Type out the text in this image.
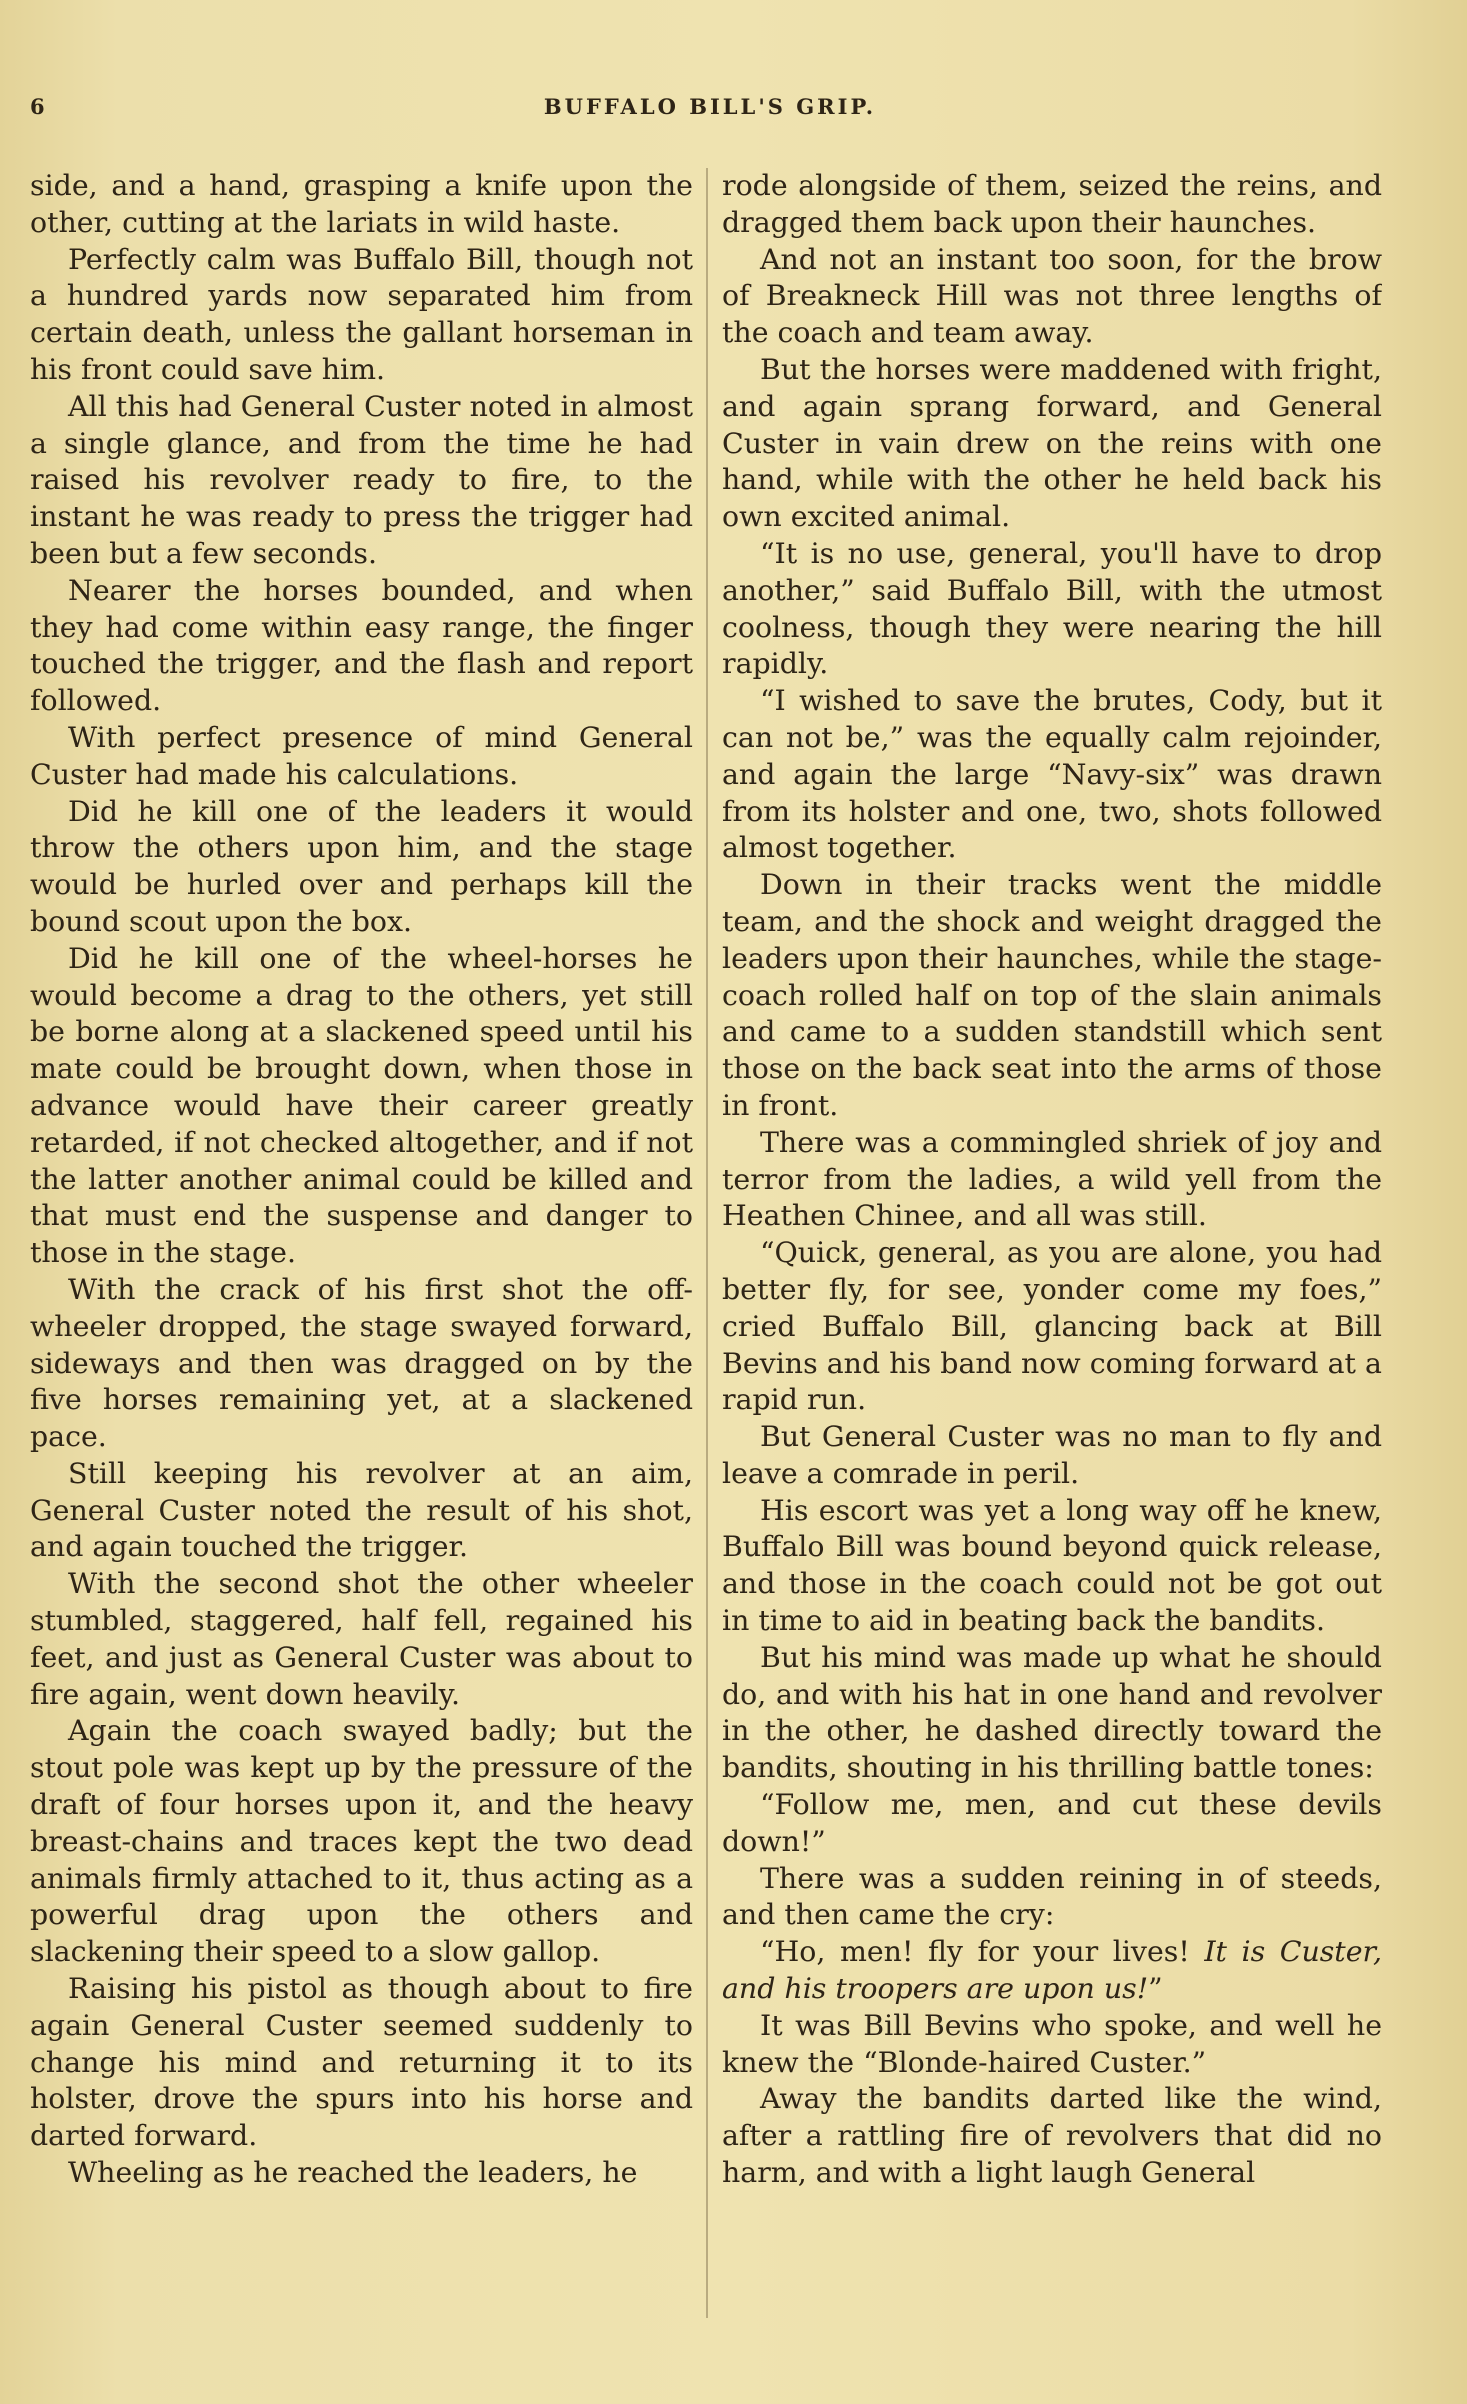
6	BUFFALO BILL'S GRIP.

side, and a hand, grasping a knife upon the other, cutting at the lariats in wild haste.

Perfectly calm was Buffalo Bill, though not a hundred yards now separated him from certain death, unless the gallant horseman in his front could save him.

All this had General Custer noted in almost a single glance, and from the time he had raised his revolver ready to fire, to the instant he was ready to press the trigger had been but a few seconds.

Nearer the horses bounded, and when they had come within easy range, the finger touched the trigger, and the flash and report followed.

With perfect presence of mind General Custer had made his calculations.

Did he kill one of the leaders it would throw the others upon him, and the stage would be hurled over and perhaps kill the bound scout upon the box.

Did he kill one of the wheel-horses he would become a drag to the others, yet still be borne along at a slackened speed until his mate could be brought down, when those in advance would have their career greatly retarded, if not checked altogether, and if not the latter another animal could be killed and that must end the suspense and danger to those in the stage.

With the crack of his first shot the off-wheeler dropped, the stage swayed forward, sideways and then was dragged on by the five horses remaining yet, at a slackened pace.

Still keeping his revolver at an aim, General Custer noted the result of his shot, and again touched the trigger.

With the second shot the other wheeler stumbled, staggered, half fell, regained his feet, and just as General Custer was about to fire again, went down heavily.

Again the coach swayed badly; but the stout pole was kept up by the pressure of the draft of four horses upon it, and the heavy breast-chains and traces kept the two dead animals firmly attached to it, thus acting as a powerful drag upon the others and slackening their speed to a slow gallop.

Raising his pistol as though about to fire again General Custer seemed suddenly to change his mind and returning it to its holster, drove the spurs into his horse and darted forward.

Wheeling as he reached the leaders, he

rode alongside of them, seized the reins, and dragged them back upon their haunches.

And not an instant too soon, for the brow of Breakneck Hill was not three lengths of the coach and team away.

But the horses were maddened with fright, and again sprang forward, and General Custer in vain drew on the reins with one hand, while with the other he held back his own excited animal.

“It is no use, general, you'll have to drop another,” said Buffalo Bill, with the utmost coolness, though they were nearing the hill rapidly.

“I wished to save the brutes, Cody, but it can not be,” was the equally calm rejoinder, and again the large “Navy-six” was drawn from its holster and one, two, shots followed almost together.

Down in their tracks went the middle team, and the shock and weight dragged the leaders upon their haunches, while the stage-coach rolled half on top of the slain animals and came to a sudden standstill which sent those on the back seat into the arms of those in front.

There was a commingled shriek of joy and terror from the ladies, a wild yell from the Heathen Chinee, and all was still.

“Quick, general, as you are alone, you had better fly, for see, yonder come my foes,” cried Buffalo Bill, glancing back at Bill Bevins and his band now coming forward at a rapid run.

But General Custer was no man to fly and leave a comrade in peril.

His escort was yet a long way off he knew, Buffalo Bill was bound beyond quick release, and those in the coach could not be got out in time to aid in beating back the bandits.

But his mind was made up what he should do, and with his hat in one hand and revolver in the other, he dashed directly toward the bandits, shouting in his thrilling battle tones:

“Follow me, men, and cut these devils down!”

There was a sudden reining in of steeds, and then came the cry:

“Ho, men! fly for your lives! It is Custer, and his troopers are upon us!”

It was Bill Bevins who spoke, and well he knew the “Blonde-haired Custer.”

Away the bandits darted like the wind, after a rattling fire of revolvers that did no harm, and with a light laugh General
